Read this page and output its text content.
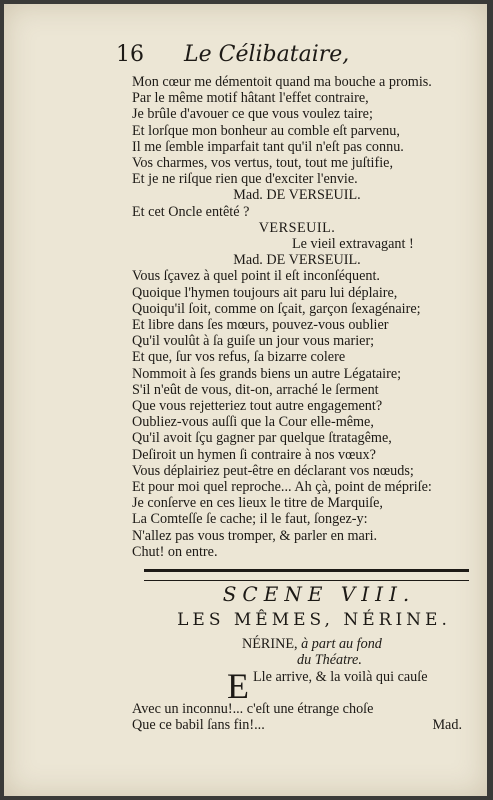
16 Le Célibataire,
Mon cœur me démentoit quand ma bouche a promis.
Par le même motif hâtant l'effet contraire,
Je brûle d'avouer ce que vous voulez taire;
Et lorſque mon bonheur au comble eſt parvenu,
Il me ſemble imparfait tant qu'il n'eſt pas connu.
Vos charmes, vos vertus, tout, tout me juſtifie,
Et je ne riſque rien que d'exciter l'envie.
Mad. DE VERSEUIL.
Et cet Oncle entêté ?
VERSEUIL.
Le vieil extravagant !
Mad. DE VERSEUIL.
Vous ſçavez à quel point il eſt inconſéquent.
Quoique l'hymen toujours ait paru lui déplaire,
Quoiqu'il ſoit, comme on ſçait, garçon ſexagénaire;
Et libre dans ſes mœurs, pouvez-vous oublier
Qu'il voulût à ſa guiſe un jour vous marier;
Et que, ſur vos refus, ſa bizarre colere
Nommoit à ſes grands biens un autre Légataire;
S'il n'eût de vous, dit-on, arraché le ſerment
Que vous rejetteriez tout autre engagement?
Oubliez-vous auſſi que la Cour elle-même,
Qu'il avoit ſçu gagner par quelque ſtratagême,
Deſiroit un hymen ſi contraire à nos vœux?
Vous déplairiez peut-être en déclarant vos nœuds;
Et pour moi quel reproche... Ah çà, point de mépriſe:
Je conſerve en ces lieux le titre de Marquiſe,
La Comteſſe ſe cache; il le faut, ſongez-y:
N'allez pas vous tromper, & parler en mari.
Chut! on entre.
SCENE VIII.
LES MÊMES, NÉRINE.
NÉRINE, à part au fond
du Théatre.
E Lle arrive, & la voilà qui cauſe
Avec un inconnu!... c'eſt une étrange choſe
Que ce babil ſans fin!...	Mad.
